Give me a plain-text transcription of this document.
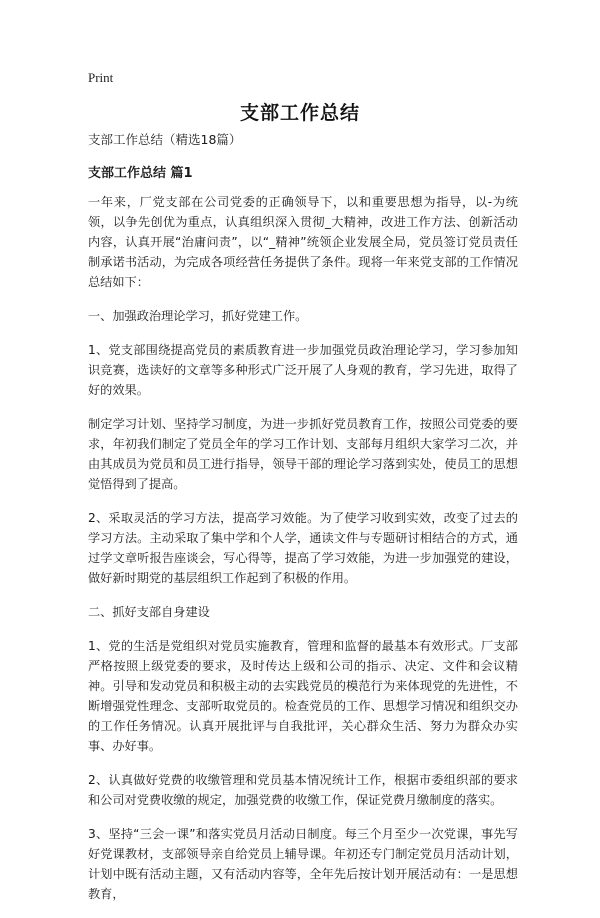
Print
支部工作总结

支部工作总结（精选18篇）

支部工作总结 篇1

一年来，厂党支部在公司党委的正确领导下，以和重要思想为指导，以-为统领，以争先创优为重点，认真组织深入贯彻_大精神，改进工作方法、创新活动内容，认真开展“治庸问责”，以“_精神”统领企业发展全局，党员签订党员责任制承诺书活动，为完成各项经营任务提供了条件。现将一年来党支部的工作情况总结如下：

一、加强政治理论学习，抓好党建工作。

1、党支部围绕提高党员的素质教育进一步加强党员政治理论学习，学习参加知识竞赛，选读好的文章等多种形式广泛开展了人身观的教育，学习先进，取得了好的效果。

制定学习计划、坚持学习制度，为进一步抓好党员教育工作，按照公司党委的要求，年初我们制定了党员全年的学习工作计划、支部每月组织大家学习二次，并由其成员为党员和员工进行指导，领导干部的理论学习落到实处，使员工的思想觉悟得到了提高。

2、采取灵活的学习方法，提高学习效能。为了使学习收到实效，改变了过去的学习方法。主动采取了集中学和个人学，通读文件与专题研讨相结合的方式，通过学文章听报告座谈会，写心得等，提高了学习效能，为进一步加强党的建设，做好新时期党的基层组织工作起到了积极的作用。

二、抓好支部自身建设

1、党的生活是党组织对党员实施教育，管理和监督的最基本有效形式。厂支部严格按照上级党委的要求，及时传达上级和公司的指示、决定、文件和会议精神。引导和发动党员和积极主动的去实践党员的模范行为来体现党的先进性，不断增强党性理念、支部听取党员的。检查党员的工作、思想学习情况和组织交办的工作任务情况。认真开展批评与自我批评，关心群众生活、努力为群众办实事、办好事。

2、认真做好党费的收缴管理和党员基本情况统计工作，根据市委组织部的要求和公司对党费收缴的规定，加强党费的收缴工作，保证党费月缴制度的落实。

3、坚持“三会一课”和落实党员月活动日制度。每三个月至少一次党课，事先写好党课教材，支部领导亲自给党员上辅导课。年初还专门制定党员月活动计划，计划中既有活动主题，又有活动内容等，全年先后按计划开展活动有：一是思想教育，
